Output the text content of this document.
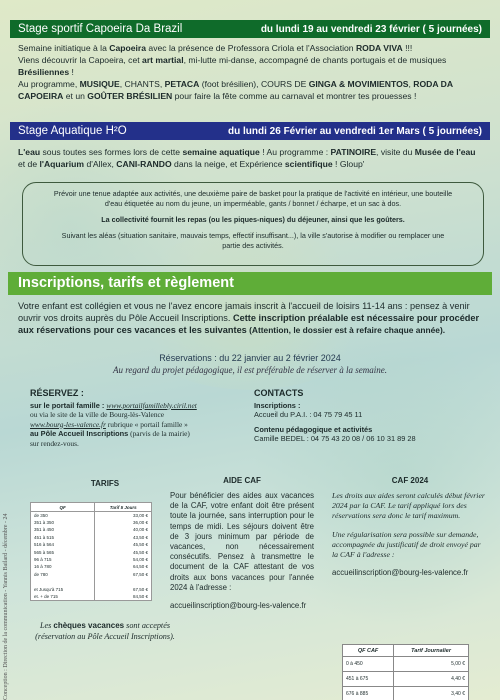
Conception : Direction de la communication - Yannis Bailard - décembre - 24
Stage sportif Capoeira Da Brazil	du lundi 19 au vendredi 23 février ( 5 journées)
Semaine initiatique à la Capoeira avec la présence de Professora Criola et l'Association RODA VIVA !!!
Viens découvrir la Capoeira, cet art martial, mi-lutte mi-danse, accompagné de chants portugais et de musiques Brésiliennes !
Au programme, MUSIQUE, CHANTS, PETACA (foot brésilien), COURS DE GINGA & MOVIMIENTOS, RODA DA CAPOEIRA et un GOÛTER BRÉSILIEN pour faire la fête comme au carnaval et montrer tes prouesses !
Stage Aquatique H²O	du lundi 26 Février au vendredi 1er Mars ( 5 journées)
L'eau sous toutes ses formes lors de cette semaine aquatique ! Au programme : PATINOIRE, visite du Musée de l'eau et de l'Aquarium d'Allex, CANI-RANDO dans la neige, et Expérience scientifique ! Gloup'

Prévoir une tenue adaptée aux activités, une deuxième paire de basket pour la pratique de l'activité en intérieur, une bouteille d'eau étiquetée au nom du jeune, un imperméable, gants / bonnet / écharpe, et un sac à dos.

La collectivité fournit les repas (ou les piques-niques) du déjeuner, ainsi que les goûters.

Suivant les aléas (situation sanitaire, mauvais temps, effectif insuffisant...), la ville s'autorise à modifier ou remplacer une partie des activités.

Inscriptions, tarifs et règlement
Votre enfant est collégien et vous ne l'avez encore jamais inscrit à l'accueil de loisirs 11-14 ans : pensez à venir ouvrir vos droits auprès du Pôle Accueil Inscriptions. Cette inscription préalable est nécessaire pour procéder aux réservations pour ces vacances et les suivantes (Attention, le dossier est à refaire chaque année).
Réservations : du 22 janvier au 2 février 2024
Au regard du projet pédagogique, il est préférable de réserver à la semaine.
RÉSERVEZ :
sur le portail famille : www.portailfamillebly.ciril.net
ou via le site de la ville de Bourg-lès-Valence
www.bourg-les-valence.fr rubrique « portail famille »
au Pôle Accueil Inscriptions (parvis de la mairie)
sur rendez-vous.
CONTACTS
Inscriptions :
Accueil du P.A.I. : 04 75 79 45 11
Contenu pédagogique et activités
Camille BEDEL : 04 75 43 20 08 / 06 10 31 89 28
TARIFS
QF	Tarif 5 Jours
de 350	33,00 €
351 à 350	36,00 €
351 à 450	40,00 €
451 à 515	43,50 €
516 à 564	45,50 €
565 à 565	45,50 €
96 à 715	54,00 €
16 à 780	64,50 €
de 780	67,50 €

et Jusqu'à 715	67,50 €
et. + de 715	84,50 €
Les chèques vacances sont acceptés
(réservation au Pôle Accueil Inscriptions).
AIDE CAF
Pour bénéficier des aides aux vacances de la CAF, votre enfant doit être présent toute la journée, sans interruption pour le temps de midi. Les séjours doivent être de 3 jours minimum par période de vacances, non nécessairement consécutifs. Pensez à transmettre le document de la CAF attestant de vos droits aux bons vacances pour l'année 2024 à l'adresse :
accueilinscription@bourg-les-valence.fr
CAF 2024

Les droits aux aides seront calculés début février 2024 par la CAF. Le tarif appliqué lors des réservations sera donc le tarif maximum.

Une régularisation sera possible sur demande, accompagnée du justificatif de droit envoyé par la CAF à l'adresse :

accueilinscription@bourg-les-valence.fr

QF CAF	Tarif Journalier
0 à 450	5,00 €
451 à 675	4,40 €
676 à 885	3,40 €
